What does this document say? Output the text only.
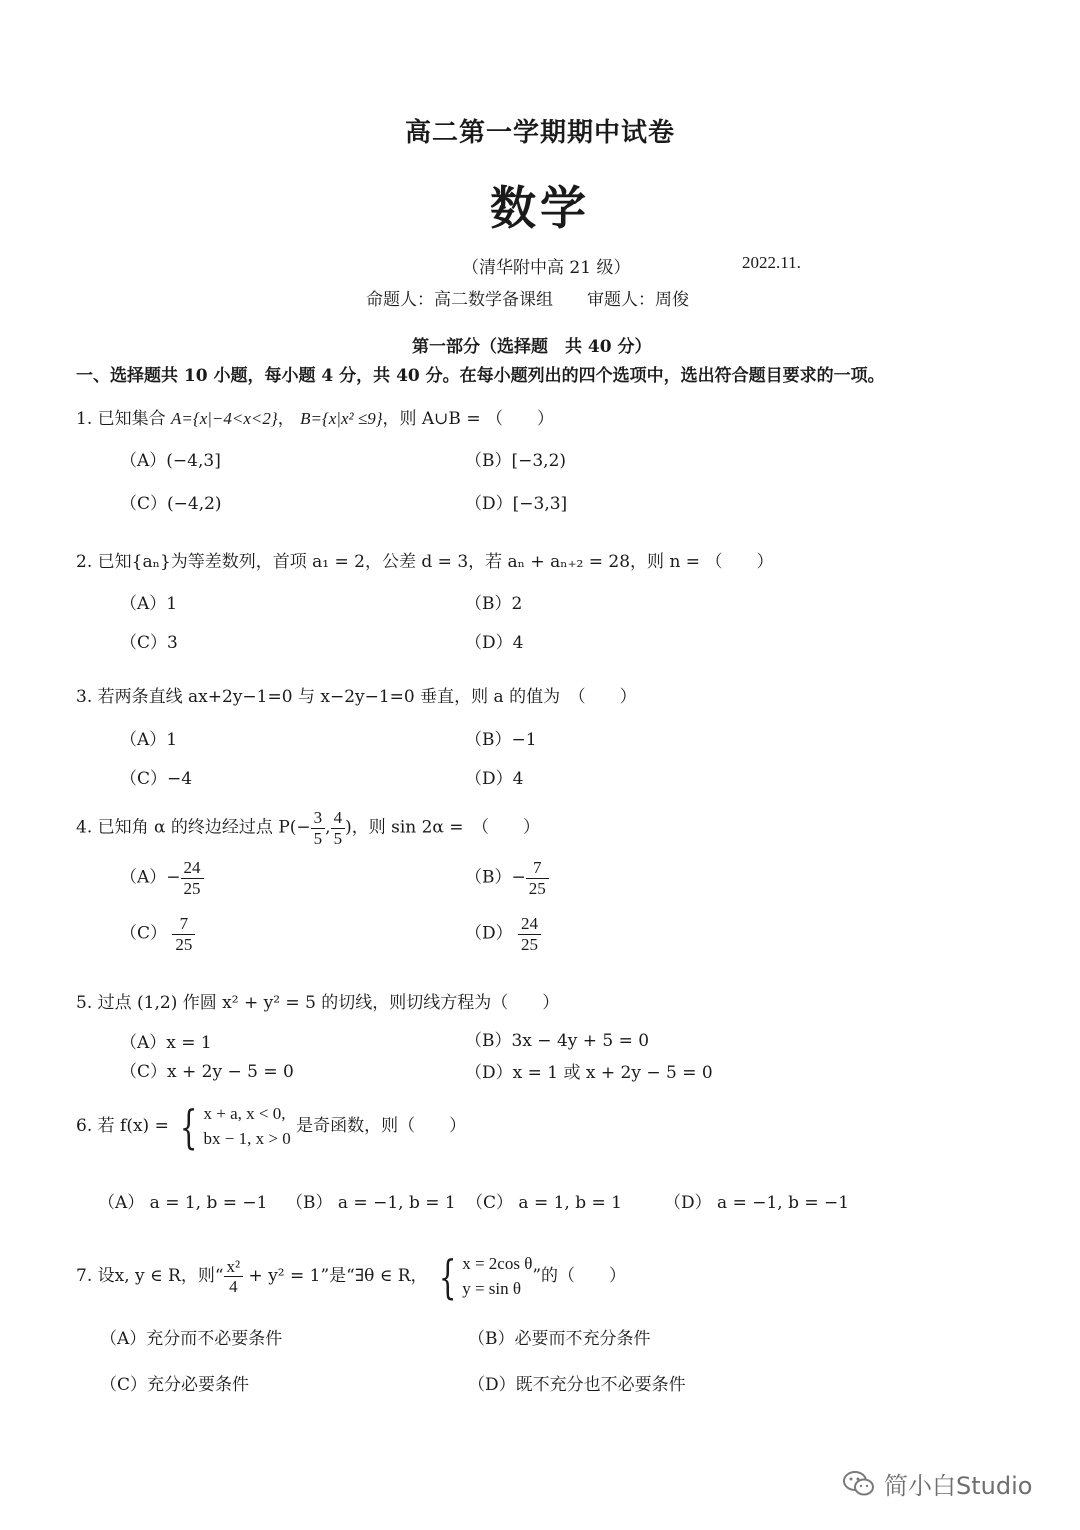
高二第一学期期中试卷
数学
（清华附中高 21 级）	2022.11.
命题人：高二数学备课组　　审题人：周俊
第一部分（选择题　共 40 分）
一、选择题共 10 小题，每小题 4 分，共 40 分。在每小题列出的四个选项中，选出符合题目要求的一项。
1. 已知集合 A={x|−4<x<2}， B={x|x² ≤9}，则 A∪B = （　　）
（A）(−4,3]	（B）[−3,2)
（C）(−4,2)	（D）[−3,3]
2. 已知{aₙ}为等差数列，首项 a₁ = 2，公差 d = 3，若 aₙ + aₙ₊₂ = 28，则 n = （　　）
（A）1	（B）2
（C）3	（D）4
3. 若两条直线 ax+2y−1=0 与 x−2y−1=0 垂直，则 a 的值为　（　　）
（A）1	（B）−1
（C）−4	（D）4
4. 已知角 α 的终边经过点 $P(- \frac{3}{5}$ , $\frac{4}{5}$ )，则 sin 2α =　（　　）
$(A)- \frac{24}{25}$	$(B)- \frac{7}{25}$
$(C) \frac{7}{25}$	$(D) \frac{24}{25}$
5. 过点 (1,2) 作圆 x² + y² = 5 的切线，则切线方程为（　　）
（A）x = 1	（B）3x − 4y + 5 = 0
（C）x + 2y − 5 = 0	（D）x = 1 或 x + 2y − 5 = 0
6. 若 f(x) = { x + a, x < 0,
bx − 1, x > 0
是奇函数，则（　　）
（A） a = 1, b = −1 （B） a = −1, b = 1 （C） a = 1, b = 1 （D） a = −1, b = −1
7. 设x, y ∈ R，则“ $\frac{\text{x²}}{4} + y^2 = 1$”是“∃θ ∈ R， { x = 2cos θ
y = sin θ
”的（　　）
（A）充分而不必要条件	（B）必要而不充分条件
（C）充分必要条件	（D）既不充分也不必要条件
简小白Studio
